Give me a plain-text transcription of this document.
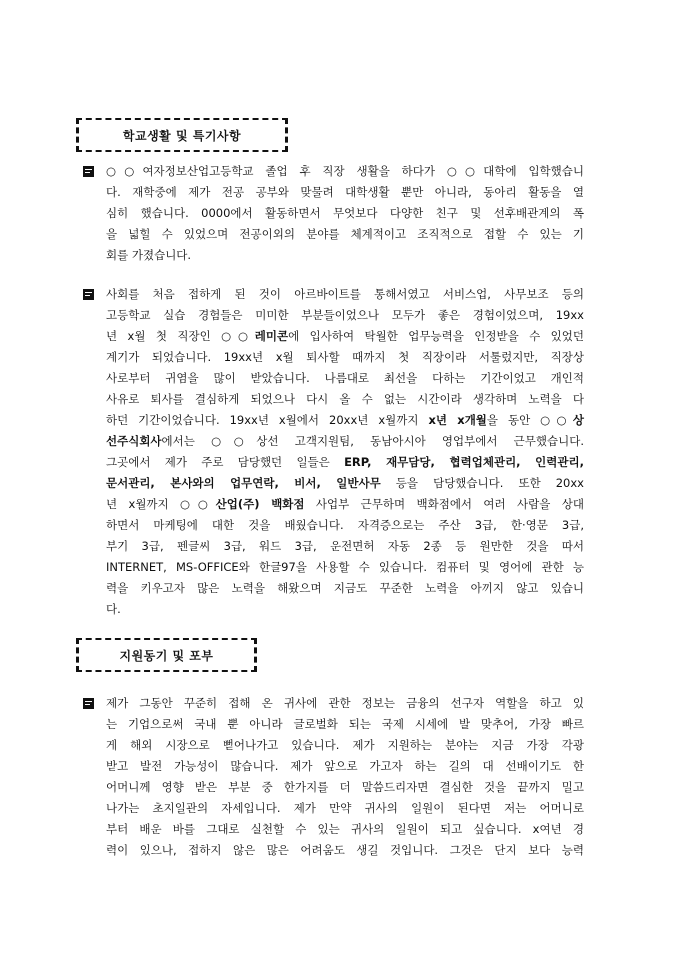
학교생활 및 특기사항
○○여자정보산업고등학교 졸업 후 직장 생활을 하다가 ○○대학에 입학했습니
다. 재학중에 제가 전공 공부와 맞물려 대학생활 뿐만 아니라, 동아리 활동을 열
심히 했습니다. 0000에서 활동하면서 무엇보다 다양한 친구 및 선후배관계의 폭
을 넓힐 수 있었으며 전공이외의 분야를 체계적이고 조직적으로 접할 수 있는 기
회를 가졌습니다.
사회를 처음 접하게 된 것이 아르바이트를 통해서였고 서비스업, 사무보조 등의
고등학교 실습 경험들은 미미한 부분들이었으나 모두가 좋은 경험이었으며, 19xx
년 x월 첫 직장인 ○○레미콘에 입사하여 탁월한 업무능력을 인정받을 수 있었던
계기가 되었습니다. 19xx년 x월 퇴사할 때까지 첫 직장이라 서툴렀지만, 직장상
사로부터 귀염을 많이 받았습니다. 나름대로 최선을 다하는 기간이었고 개인적
사유로 퇴사를 결심하게 되었으나 다시 올 수 없는 시간이라 생각하며 노력을 다
하던 기간이었습니다. 19xx년 x월에서 20xx년 x월까지 x년 x개월을 동안 ○○상
선주식회사에서는 ○○상선 고객지원팀, 동남아시아 영업부에서 근무했습니다.
그곳에서 제가 주로 담당했던 일들은 ERP, 재무담당, 협력업체관리, 인력관리,
문서관리, 본사와의 업무연락, 비서, 일반사무 등을 담당했습니다. 또한 20xx
년 x월까지 ○○산업(주) 백화점 사업부 근무하며 백화점에서 여러 사람을 상대
하면서 마케팅에 대한 것을 배웠습니다. 자격증으로는 주산 3급, 한·영문 3급,
부기 3급, 펜글씨 3급, 워드 3급, 운전면허 자동 2종 등 원만한 것을 따서
INTERNET, MS-OFFICE와 한글97을 사용할 수 있습니다. 컴퓨터 및 영어에 관한 능
력을 키우고자 많은 노력을 해왔으며 지금도 꾸준한 노력을 아끼지 않고 있습니
다.
지원동기 및 포부
제가 그동안 꾸준히 접해 온 귀사에 관한 정보는 금융의 선구자 역할을 하고 있
는 기업으로써 국내 뿐 아니라 글로벌화 되는 국제 시세에 발 맞추어, 가장 빠르
게 해외 시장으로 뻗어나가고 있습니다. 제가 지원하는 분야는 지금 가장 각광
받고 발전 가능성이 많습니다. 제가 앞으로 가고자 하는 길의 대 선배이기도 한
어머니께 영향 받은 부분 중 한가지를 더 말씀드리자면 결심한 것을 끝까지 밀고
나가는 초지일관의 자세입니다. 제가 만약 귀사의 일원이 된다면 저는 어머니로
부터 배운 바를 그대로 실천할 수 있는 귀사의 일원이 되고 싶습니다. x여년 경
력이 있으나, 접하지 않은 많은 어려움도 생길 것입니다. 그것은 단지 보다 능력
